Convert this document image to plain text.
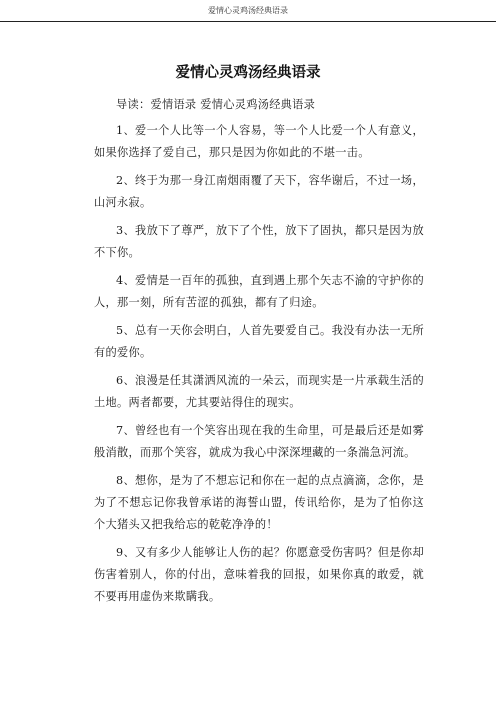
爱情心灵鸡汤经典语录
爱情心灵鸡汤经典语录

导读：爱情语录 爱情心灵鸡汤经典语录

1、爱一个人比等一个人容易，等一个人比爱一个人有意义，如果你选择了爱自己，那只是因为你如此的不堪一击。

2、终于为那一身江南烟雨覆了天下，容华谢后，不过一场，山河永寂。

3、我放下了尊严，放下了个性，放下了固执，都只是因为放不下你。

4、爱情是一百年的孤独，直到遇上那个矢志不渝的守护你的人，那一刻，所有苦涩的孤独，都有了归途。

5、总有一天你会明白，人首先要爱自己。我没有办法一无所有的爱你。

6、浪漫是任其潇洒风流的一朵云，而现实是一片承载生活的土地。两者都要，尤其要站得住的现实。

7、曾经也有一个笑容出现在我的生命里，可是最后还是如雾般消散，而那个笑容，就成为我心中深深埋藏的一条湍急河流。

8、想你，是为了不想忘记和你在一起的点点滴滴，念你，是为了不想忘记你我曾承诺的海誓山盟，传讯给你，是为了怕你这个大猪头又把我给忘的乾乾净净的！

9、又有多少人能够让人伤的起？你愿意受伤害吗？但是你却伤害着别人，你的付出，意味着我的回报，如果你真的敢爱，就不要再用虚伪来欺瞒我。
